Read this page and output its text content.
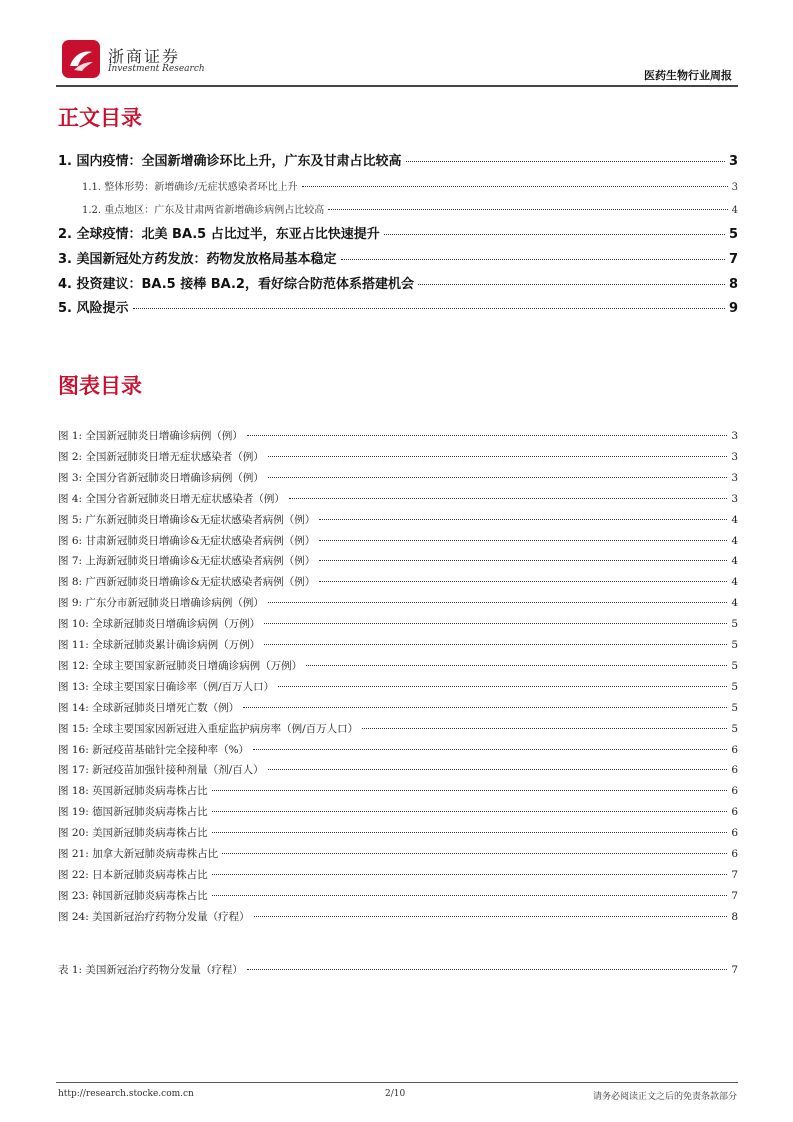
浙商证券
Investment Research	医药生物行业周报
正文目录
1. 国内疫情：全国新增确诊环比上升，广东及甘肃占比较高	3
1.1. 整体形势：新增确诊/无症状感染者环比上升	3
1.2. 重点地区：广东及甘肃两省新增确诊病例占比较高	4
2. 全球疫情：北美 BA.5 占比过半，东亚占比快速提升	5
3. 美国新冠处方药发放：药物发放格局基本稳定	7
4. 投资建议：BA.5 接棒 BA.2，看好综合防范体系搭建机会	8
5. 风险提示	9
图表目录
图 1: 全国新冠肺炎日增确诊病例（例）	3
图 2: 全国新冠肺炎日增无症状感染者（例）	3
图 3: 全国分省新冠肺炎日增确诊病例（例）	3
图 4: 全国分省新冠肺炎日增无症状感染者（例）	3
图 5: 广东新冠肺炎日增确诊&无症状感染者病例（例）	4
图 6: 甘肃新冠肺炎日增确诊&无症状感染者病例（例）	4
图 7: 上海新冠肺炎日增确诊&无症状感染者病例（例）	4
图 8: 广西新冠肺炎日增确诊&无症状感染者病例（例）	4
图 9: 广东分市新冠肺炎日增确诊病例（例）	4
图 10: 全球新冠肺炎日增确诊病例（万例）	5
图 11: 全球新冠肺炎累计确诊病例（万例）	5
图 12: 全球主要国家新冠肺炎日增确诊病例（万例）	5
图 13: 全球主要国家日确诊率（例/百万人口）	5
图 14: 全球新冠肺炎日增死亡数（例）	5
图 15: 全球主要国家因新冠进入重症监护病房率（例/百万人口）	5
图 16: 新冠疫苗基础针完全接种率（%）	6
图 17: 新冠疫苗加强针接种剂量（剂/百人）	6
图 18: 英国新冠肺炎病毒株占比	6
图 19: 德国新冠肺炎病毒株占比	6
图 20: 美国新冠肺炎病毒株占比	6
图 21: 加拿大新冠肺炎病毒株占比	6
图 22: 日本新冠肺炎病毒株占比	7
图 23: 韩国新冠肺炎病毒株占比	7
图 24: 美国新冠治疗药物分发量（疗程）	8
表 1: 美国新冠治疗药物分发量（疗程）	7
http://research.stocke.com.cn	2/10	请务必阅读正文之后的免责条款部分
